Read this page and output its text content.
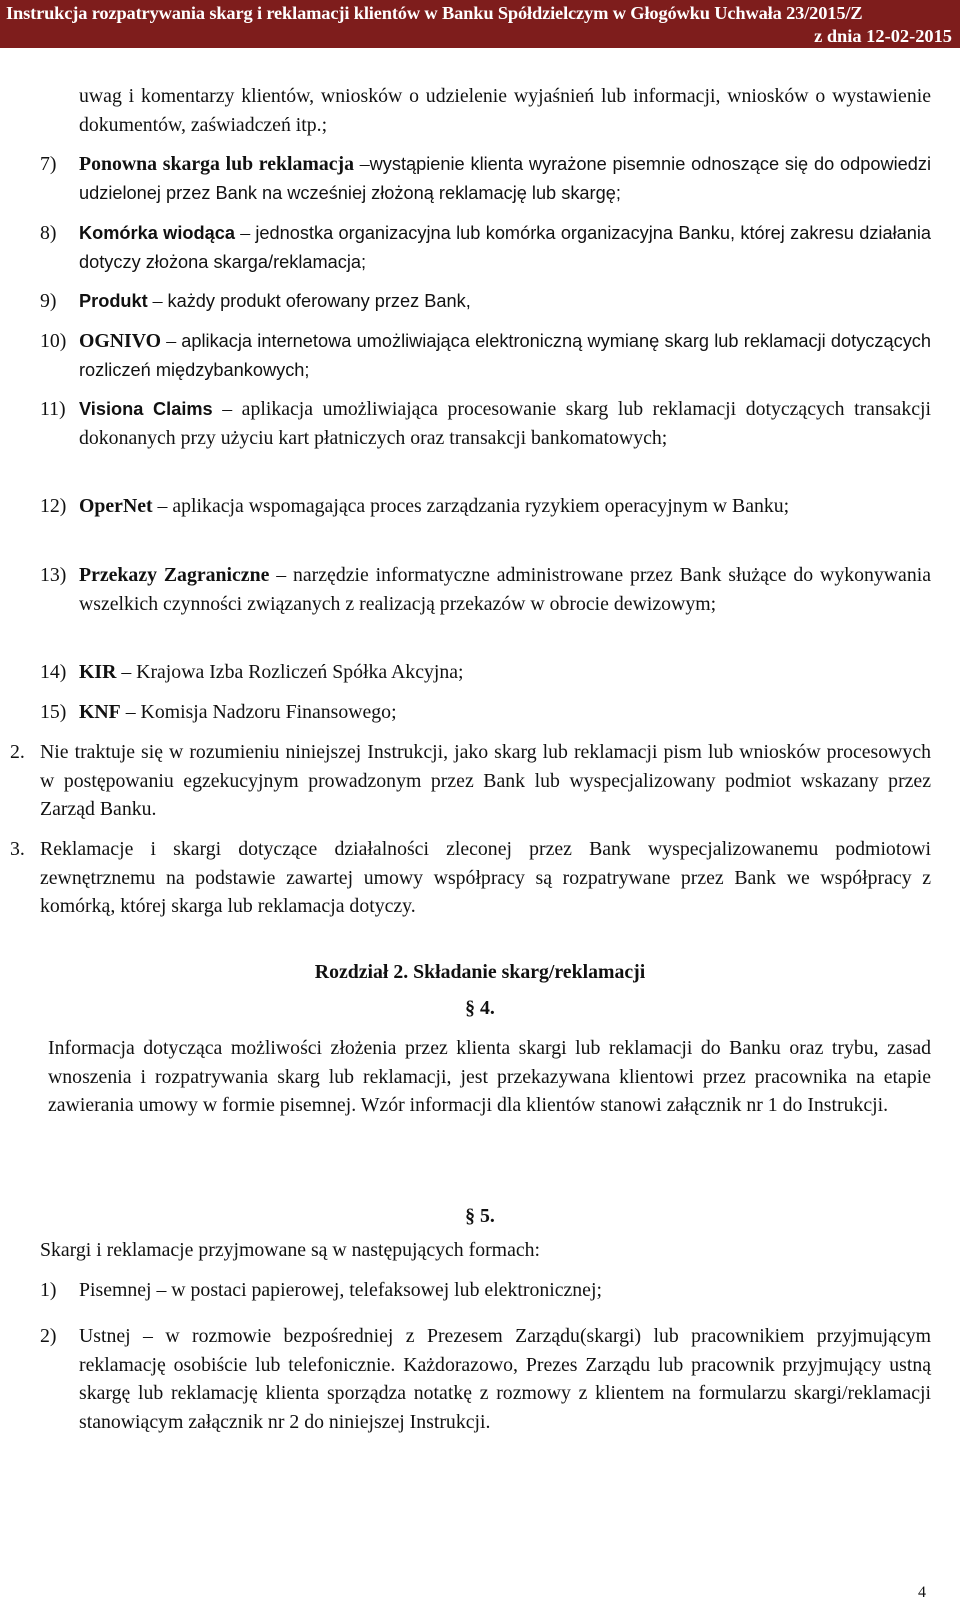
Instrukcja rozpatrywania skarg i reklamacji klientów w Banku Spółdzielczym w Głogówku Uchwała 23/2015/Z
z dnia 12-02-2015
uwag i komentarzy klientów, wniosków o udzielenie wyjaśnień lub informacji, wniosków o wystawienie dokumentów, zaświadczeń itp.;
7) Ponowna skarga lub reklamacja –wystąpienie klienta wyrażone pisemnie odnoszące się do odpowiedzi udzielonej przez Bank na wcześniej złożoną reklamację lub skargę;
8) Komórka wiodąca – jednostka organizacyjna lub komórka organizacyjna Banku, której zakresu działania dotyczy złożona skarga/reklamacja;
9) Produkt – każdy produkt oferowany przez Bank,
10) OGNIVO – aplikacja internetowa umożliwiająca elektroniczną wymianę skarg lub reklamacji dotyczących rozliczeń międzybankowych;
11) Visiona Claims – aplikacja umożliwiająca procesowanie skarg lub reklamacji dotyczących transakcji dokonanych przy użyciu kart płatniczych oraz transakcji bankomatowych;
12) OperNet – aplikacja wspomagająca proces zarządzania ryzykiem operacyjnym w Banku;
13) Przekazy Zagraniczne – narzędzie informatyczne administrowane przez Bank służące do wykonywania wszelkich czynności związanych z realizacją przekazów w obrocie dewizowym;
14) KIR – Krajowa Izba Rozliczeń Spółka Akcyjna;
15) KNF – Komisja Nadzoru Finansowego;
2. Nie traktuje się w rozumieniu niniejszej Instrukcji, jako skarg lub reklamacji pism lub wniosków procesowych w postępowaniu egzekucyjnym prowadzonym przez Bank lub wyspecjalizowany podmiot wskazany przez Zarząd Banku.
3. Reklamacje i skargi dotyczące działalności zleconej przez Bank wyspecjalizowanemu podmiotowi zewnętrznemu na podstawie zawartej umowy współpracy są rozpatrywane przez Bank we współpracy z komórką, której skarga lub reklamacja dotyczy.
Rozdział 2. Składanie skarg/reklamacji
§ 4.
Informacja dotycząca możliwości złożenia przez klienta skargi lub reklamacji do Banku oraz trybu, zasad wnoszenia i rozpatrywania skarg lub reklamacji, jest przekazywana klientowi przez pracownika na etapie zawierania umowy w formie pisemnej. Wzór informacji dla klientów stanowi załącznik nr 1 do Instrukcji.
§ 5.
Skargi i reklamacje przyjmowane są w następujących formach:
1) Pisemnej – w postaci papierowej, telefaksowej lub elektronicznej;
2) Ustnej – w rozmowie bezpośredniej z Prezesem Zarządu(skargi) lub pracownikiem przyjmującym reklamację osobiście lub telefonicznie. Każdorazowo, Prezes Zarządu lub pracownik przyjmujący ustną skargę lub reklamację klienta sporządza notatkę z rozmowy z klientem na formularzu skargi/reklamacji stanowiącym załącznik nr 2 do niniejszej Instrukcji.
4
